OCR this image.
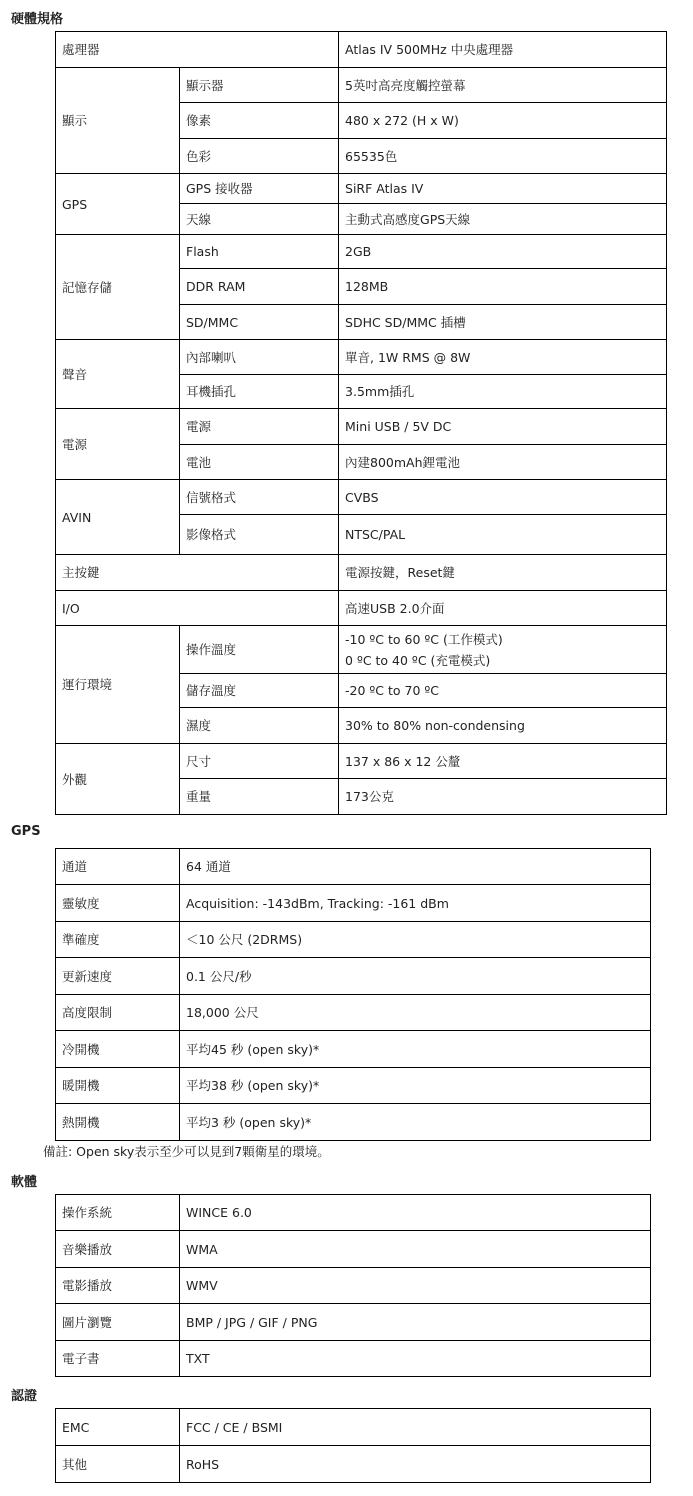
硬體規格
處理器		Atlas IV 500MHz 中央處理器
顯示	顯示器	5英吋高亮度觸控螢幕
	像素	480 x 272 (H x W)
	色彩	65535色
GPS	GPS 接收器	SiRF Atlas IV
	天線	主動式高感度GPS天線
記憶存儲	Flash	2GB
	DDR RAM	128MB
	SD/MMC	SDHC SD/MMC 插槽
聲音	內部喇叭	單音, 1W RMS @ 8W
	耳機插孔	3.5mm插孔
電源	電源	Mini USB / 5V DC
	電池	內建800mAh鋰電池
AVIN	信號格式	CVBS
	影像格式	NTSC/PAL
主按鍵		電源按鍵，Reset鍵
I/O		高速USB 2.0介面
運行環境	操作溫度	-10 ºC to 60 ºC (工作模式)
0 ºC to 40 ºC (充電模式)

	儲存溫度	-20 ºC to 70 ºC
	濕度	30% to 80% non-condensing
外觀	尺寸	137 x 86 x 12 公釐
	重量	173公克
GPS
通道	64 通道
靈敏度	Acquisition: -143dBm, Tracking: -161 dBm
準確度	＜10 公尺 (2DRMS)
更新速度	0.1 公尺/秒
高度限制	18,000 公尺
冷開機	平均45 秒 (open sky)*
暖開機	平均38 秒 (open sky)*
熱開機	平均3 秒 (open sky)*
備註: Open sky表示至少可以見到7顆衛星的環境。
軟體
操作系統	WINCE 6.0
音樂播放	WMA
電影播放	WMV
圖片瀏覽	BMP / JPG / GIF / PNG
電子書	TXT
認證
EMC	FCC / CE / BSMI
其他	RoHS
